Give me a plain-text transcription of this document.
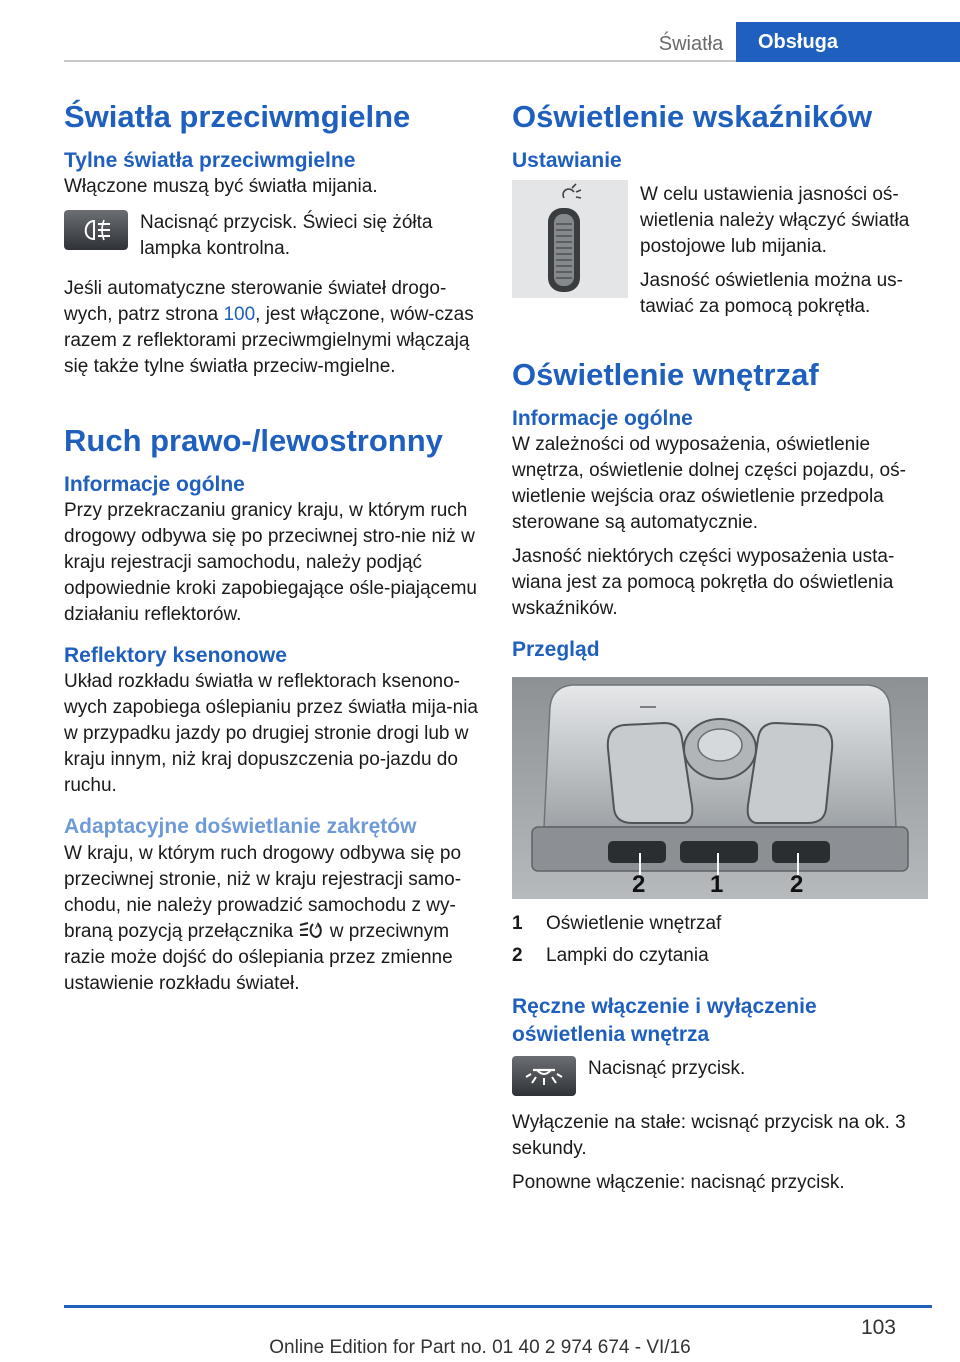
Światła	Obsługa
Światła przeciwmgielne
Tylne światła przeciwmgielne

Włączone muszą być światła mijania.

Nacisnąć przycisk. Świeci się żółta lampka kontrolna.

Jeśli automatyczne sterowanie świateł drogo-wych, patrz strona 100, jest włączone, wów-czas razem z reflektorami przeciwmgielnymi włączają się także tylne światła przeciw-mgielne.

Ruch prawo-/lewostronny
Informacje ogólne

Przy przekraczaniu granicy kraju, w którym ruch drogowy odbywa się po przeciwnej stro-nie niż w kraju rejestracji samochodu, należy podjąć odpowiednie kroki zapobiegające ośle-piającemu działaniu reflektorów.

Reflektory ksenonowe

Układ rozkładu światła w reflektorach ksenono-wych zapobiega oślepianiu przez światła mija-nia w przypadku jazdy po drugiej stronie drogi lub w kraju innym, niż kraj dopuszczenia po-jazdu do ruchu.

Adaptacyjne doświetlanie zakrętów

W kraju, w którym ruch drogowy odbywa się po przeciwnej stronie, niż w kraju rejestracji samo-chodu, nie należy prowadzić samochodu z wy-braną pozycją przełącznika A w przeciwnym razie może dojść do oślepiania przez zmienne ustawienie rozkładu świateł.

Oświetlenie wskaźników
Ustawianie

W celu ustawienia jasności oś-wietlenia należy włączyć światła postojowe lub mijania.

Jasność oświetlenia można us-tawiać za pomocą pokrętła.

Oświetlenie wnętrzaf
Informacje ogólne

W zależności od wyposażenia, oświetlenie wnętrza, oświetlenie dolnej części pojazdu, oś-wietlenie wejścia oraz oświetlenie przedpola sterowane są automatycznie.

Jasność niektórych części wyposażenia usta-wiana jest za pomocą pokrętła do oświetlenia wskaźników.

Przegląd
2	1	2
1	Oświetlenie wnętrzaf
2	Lampki do czytania
Ręczne włączenie i wyłączenie oświetlenia wnętrza

Nacisnąć przycisk.

Wyłączenie na stałe: wcisnąć przycisk na ok. 3 sekundy.

Ponowne włączenie: nacisnąć przycisk.

103
Online Edition for Part no. 01 40 2 974 674 - VI/16
